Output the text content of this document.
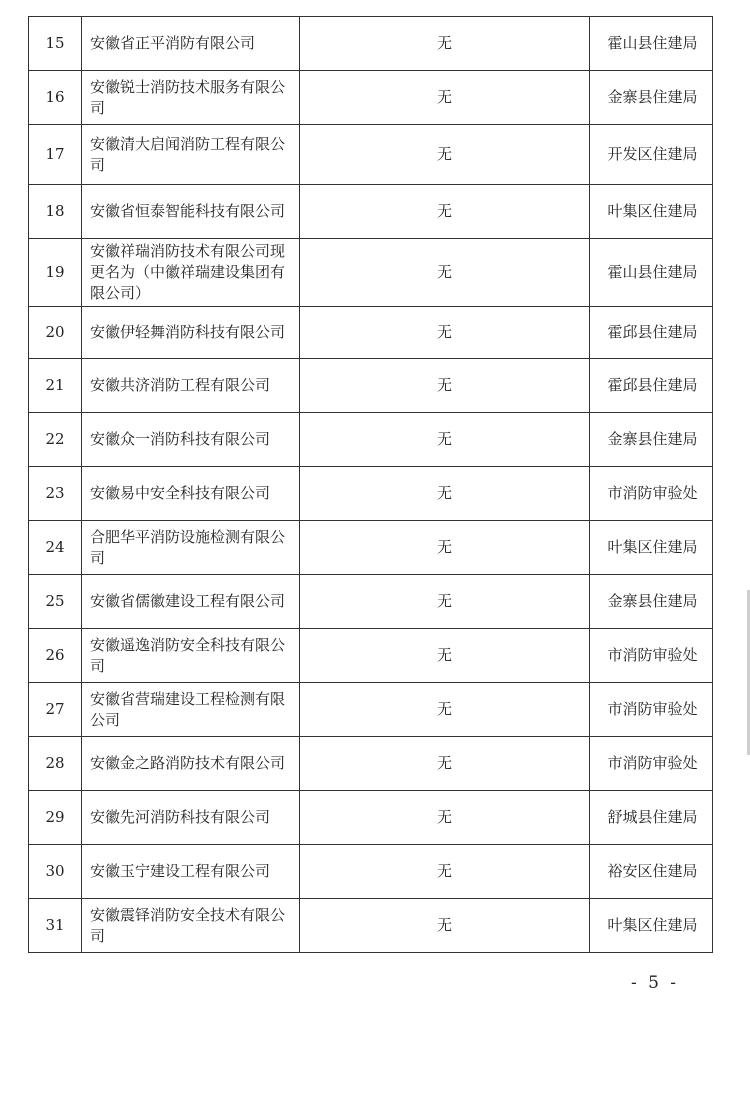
15	安徽省正平消防有限公司	无	霍山县住建局
16	安徽锐士消防技术服务有限公司	无	金寨县住建局
17	安徽清大启闻消防工程有限公司	无	开发区住建局
18	安徽省恒泰智能科技有限公司	无	叶集区住建局
19	安徽祥瑞消防技术有限公司现更名为（中徽祥瑞建设集团有限公司）	无	霍山县住建局
20	安徽伊轻舞消防科技有限公司	无	霍邱县住建局
21	安徽共济消防工程有限公司	无	霍邱县住建局
22	安徽众一消防科技有限公司	无	金寨县住建局
23	安徽易中安全科技有限公司	无	市消防审验处
24	合肥华平消防设施检测有限公司	无	叶集区住建局
25	安徽省儒徽建设工程有限公司	无	金寨县住建局
26	安徽遥逸消防安全科技有限公司	无	市消防审验处
27	安徽省营瑞建设工程检测有限公司	无	市消防审验处
28	安徽金之路消防技术有限公司	无	市消防审验处
29	安徽先河消防科技有限公司	无	舒城县住建局
30	安徽玉宁建设工程有限公司	无	裕安区住建局
31	安徽震铎消防安全技术有限公司	无	叶集区住建局
- 5 -
